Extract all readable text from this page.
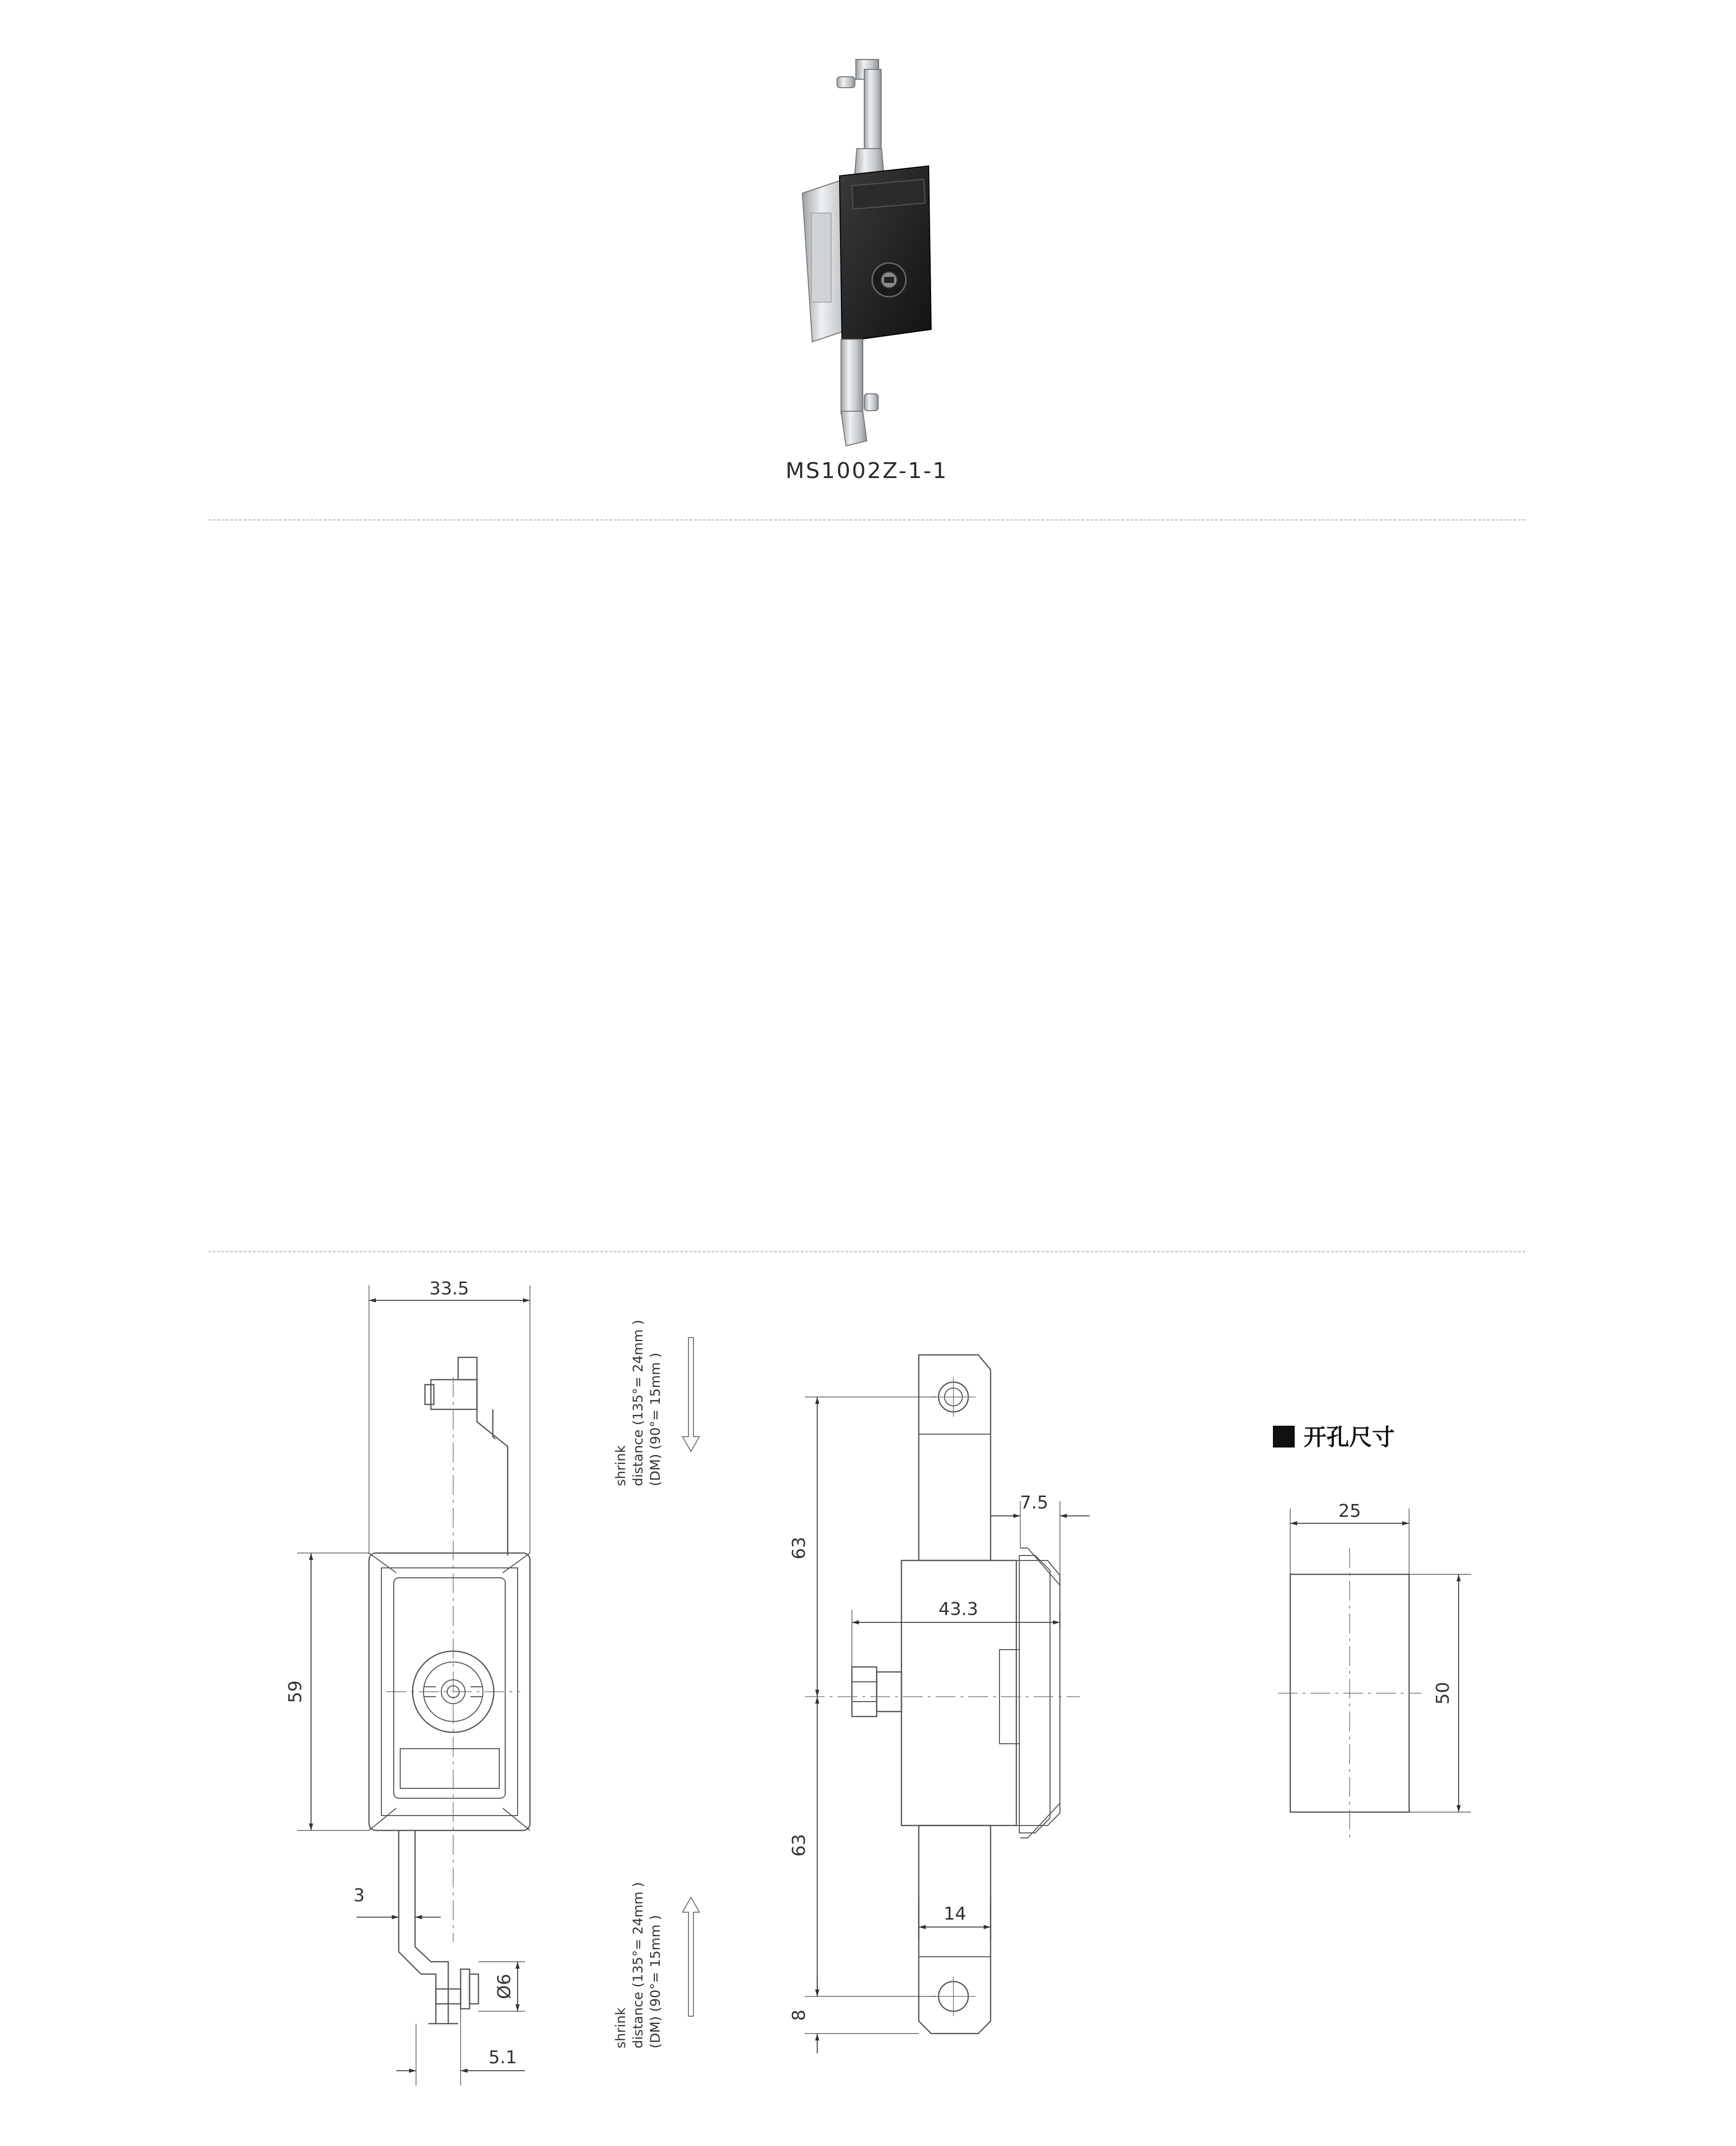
MS1002Z-1-1
33.5
59
3
Ø6
5.1
shrink distance (135°= 24mm ) (DM) (90°= 15mm )
shrink distance (135°= 24mm ) (DM) (90°= 15mm )
63
63
8
7.5
43.3
14
开孔尺寸
25
50
